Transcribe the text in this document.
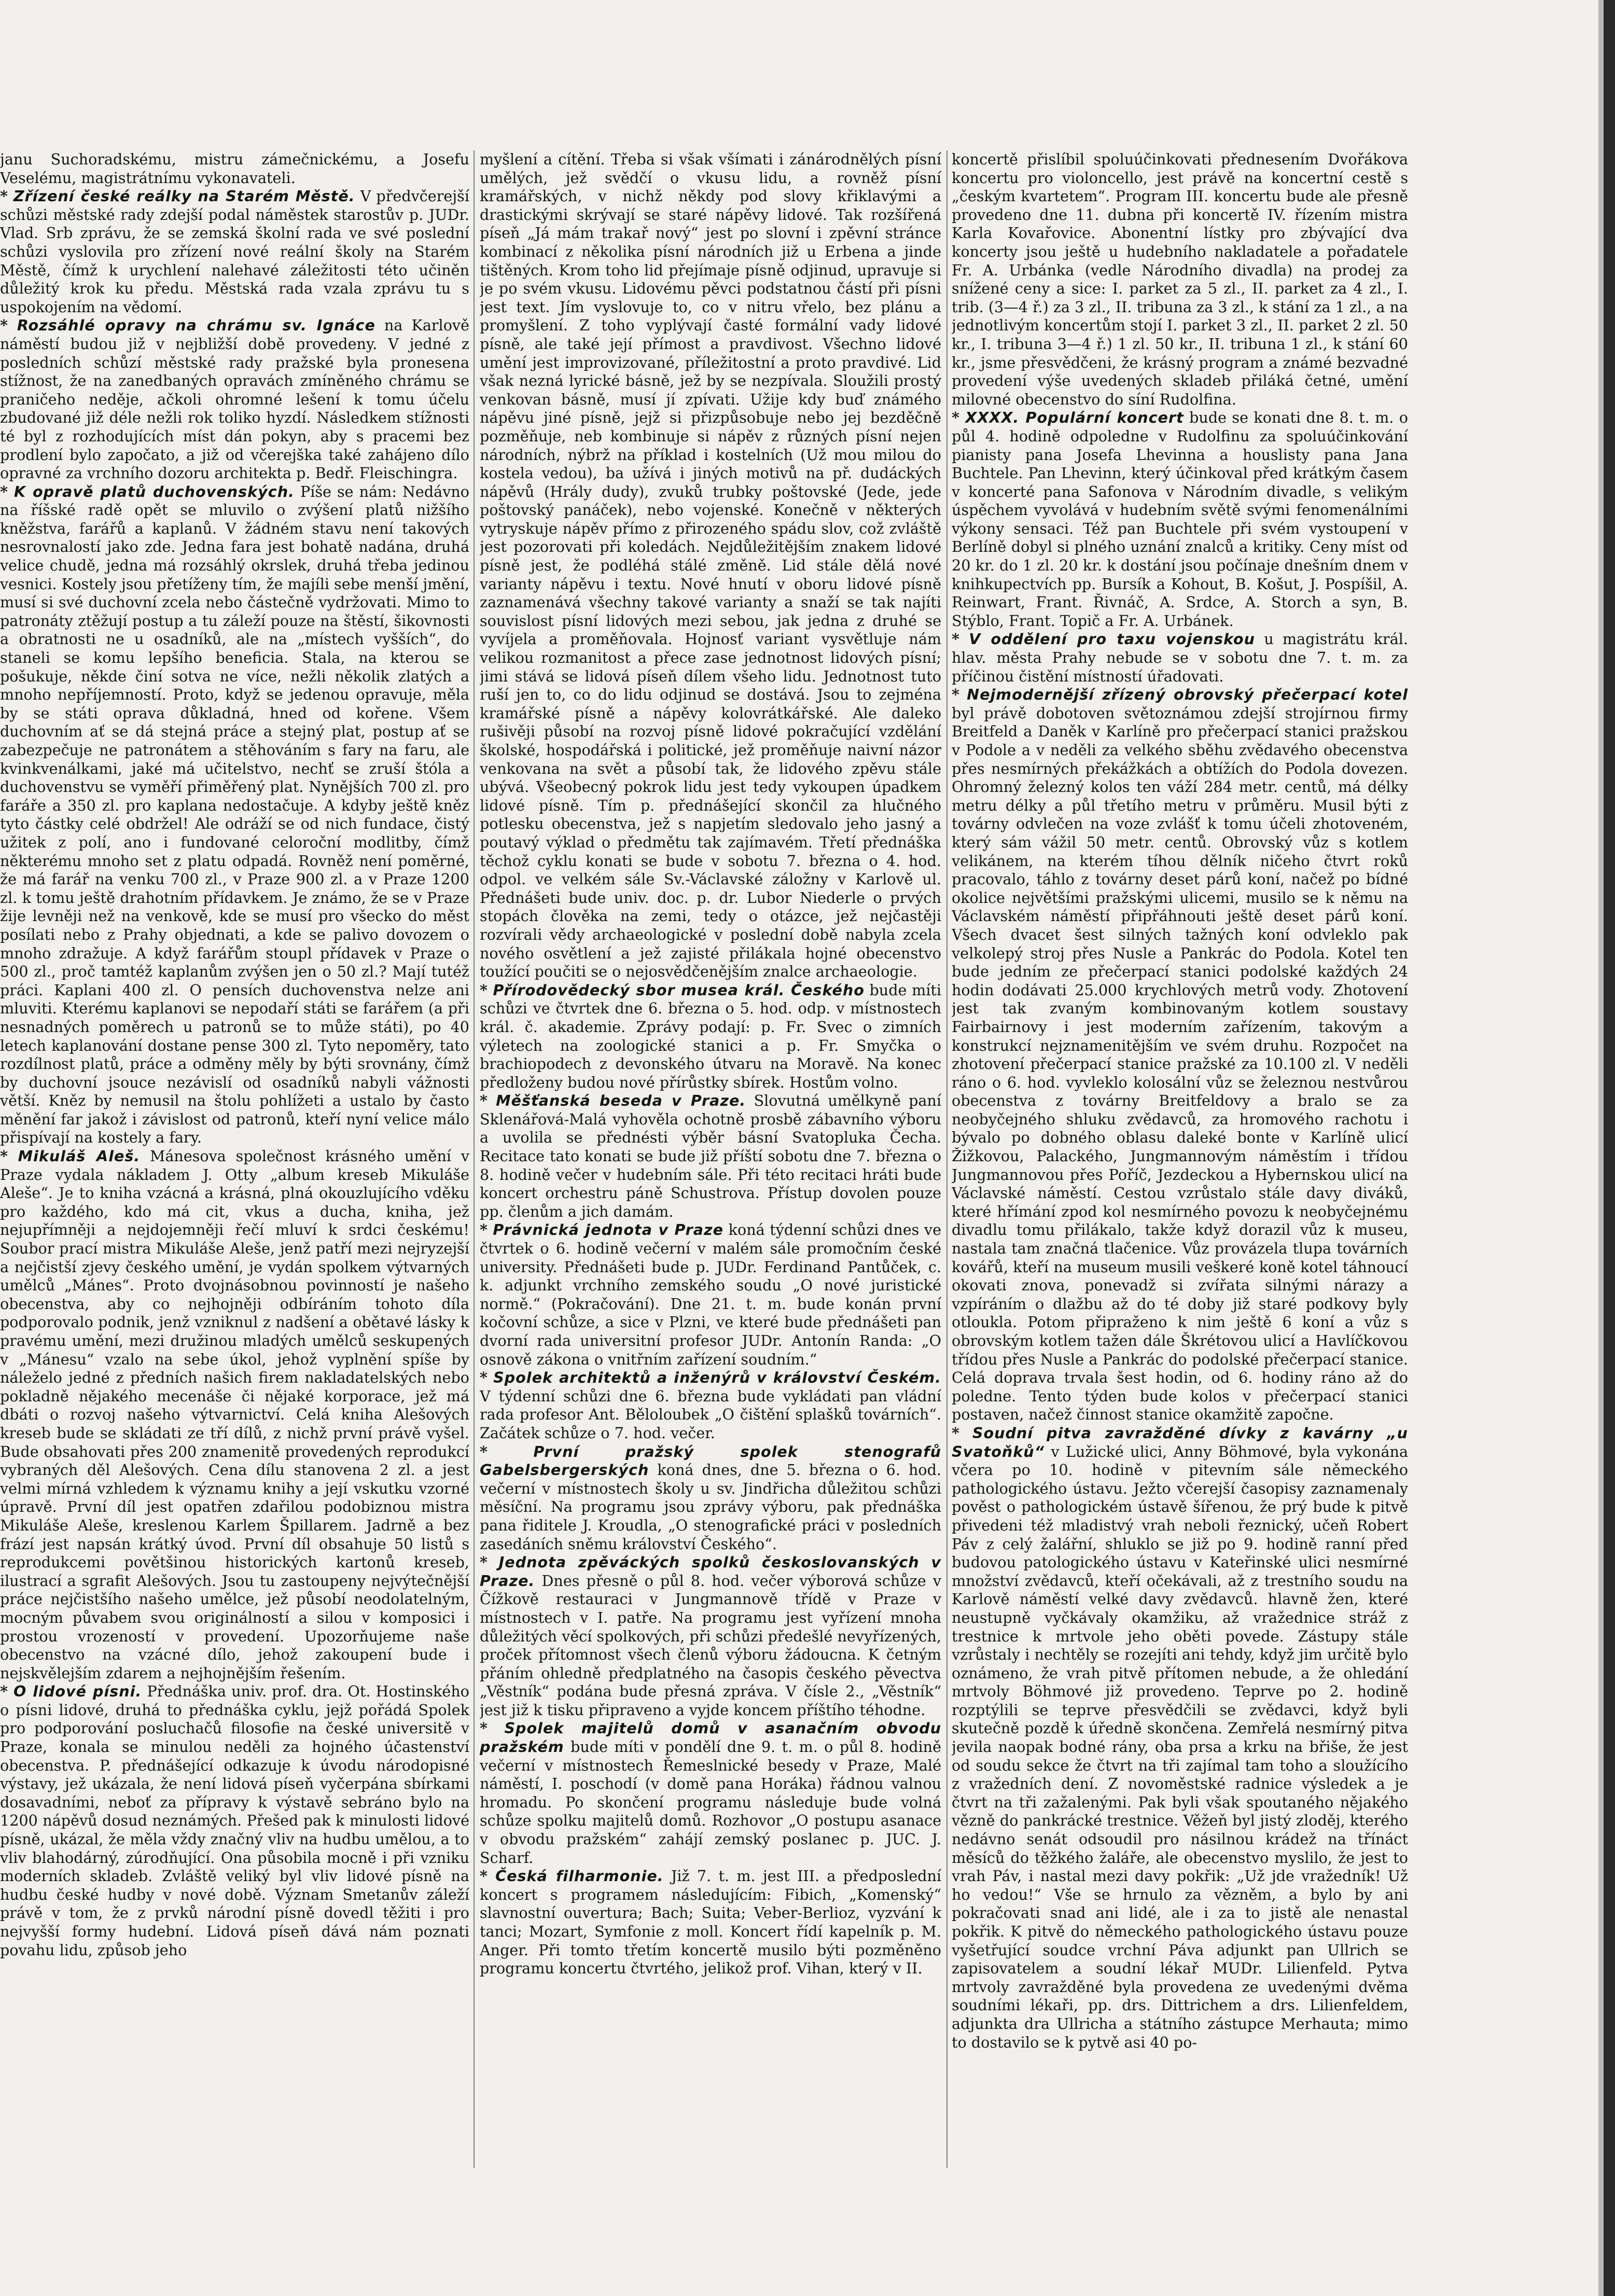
janu Suchoradskému, mistru zámečnickému, a Josefu Veselému, magistrátnímu vykonavateli.

* Zřízení české reálky na Starém Městě. V předvčerejší schůzi městské rady zdejší podal náměstek starostův p. JUDr. Vlad. Srb zprávu, že se zemská školní rada ve své poslední schůzi vyslovila pro zřízení nové reální školy na Starém Městě, čímž k urychlení nalehavé záležitosti této učiněn důležitý krok ku předu. Městská rada vzala zprávu tu s uspokojením na vědomí.

* Rozsáhlé opravy na chrámu sv. Ignáce na Karlově náměstí budou již v nejbližší době provedeny. V jedné z posledních schůzí městské rady pražské byla pronesena stížnost, že na zanedbaných opravách zmíněného chrámu se praničeho neděje, ačkoli ohromné lešení k tomu účelu zbudované již déle nežli rok toliko hyzdí. Následkem stížnosti té byl z rozhodujících míst dán pokyn, aby s pracemi bez prodlení bylo započato, a již od včerejška také zahájeno dílo opravné za vrchního dozoru architekta p. Bedř. Fleischingra.

* K opravě platů duchovenských. Píše se nám: Nedávno na říšské radě opět se mluvilo o zvýšení platů nižšího kněžstva, farářů a kaplanů. V žádném stavu není takových nesrovnalostí jako zde. Jedna fara jest bohatě nadána, druhá velice chudě, jedna má rozsáhlý okrslek, druhá třeba jedinou vesnici. Kostely jsou přetíženy tím, že majíli sebe menší jmění, musí si své duchovní zcela nebo částečně vydržovati. Mimo to patronáty ztěžují postup a tu záleží pouze na štěstí, šikovnosti a obratnosti ne u osadníků, ale na „místech vyšších“, do staneli se komu lepšího beneficia. Stala, na kterou se pošukuje, někde činí sotva ne více, nežli několik zlatých a mnoho nepříjemností. Proto, když se jedenou opravuje, měla by se státi oprava důkladná, hned od kořene. Všem duchovním ať se dá stejná práce a stejný plat, postup ať se zabezpečuje ne patronátem a stěhováním s fary na faru, ale kvinkvenálkami, jaké má učitelstvo, nechť se zruší štóla a duchovenstvu se vyměří přiměřený plat. Nynějších 700 zl. pro faráře a 350 zl. pro kaplana nedostačuje. A kdyby ještě kněz tyto částky celé obdržel! Ale odráží se od nich fundace, čistý užitek z polí, ano i fundované celoroční modlitby, čímž některému mnoho set z platu odpadá. Rovněž není poměrné, že má farář na venku 700 zl., v Praze 900 zl. a v Praze 1200 zl. k tomu ještě drahotním přídavkem. Je známo, že se v Praze žije levněji než na venkově, kde se musí pro všecko do měst posílati nebo z Prahy objednati, a kde se palivo dovozem o mnoho zdražuje. A když farářům stoupl přídavek v Praze o 500 zl., proč tamtéž kaplanům zvýšen jen o 50 zl.? Mají tutéž práci. Kaplani 400 zl. O pensích duchovenstva nelze ani mluviti. Kterému kaplanovi se nepodaří státi se farářem (a při nesnadných poměrech u patronů se to může státi), po 40 letech kaplanování dostane pense 300 zl. Tyto nepoměry, tato rozdílnost platů, práce a odměny měly by býti srovnány, čímž by duchovní jsouce nezávislí od osadníků nabyli vážnosti větší. Kněz by nemusil na štolu pohlížeti a ustalo by často měnění far jakož i závislost od patronů, kteří nyní velice málo přispívají na kostely a fary.

* Mikuláš Aleš. Mánesova společnost krásného umění v Praze vydala nákladem J. Otty „album kreseb Mikuláše Aleše“. Je to kniha vzácná a krásná, plná okouzlujícího vděku pro každého, kdo má cit, vkus a ducha, kniha, jež nejupřímněji a nejdojemněji řečí mluví k srdci českému! Soubor prací mistra Mikuláše Aleše, jenž patří mezi nejryzejší a nejčistší zjevy českého umění, je vydán spolkem výtvarných umělců „Mánes“. Proto dvojnásobnou povinností je našeho obecenstva, aby co nejhojněji odbíráním tohoto díla podporovalo podnik, jenž vzniknul z nadšení a obětavé lásky k pravému umění, mezi družinou mladých umělců seskupených v „Mánesu“ vzalo na sebe úkol, jehož vyplnění spíše by náleželo jedné z předních našich firem nakladatelských nebo pokladně nějakého mecenáše či nějaké korporace, jež má dbáti o rozvoj našeho výtvarnictví. Celá kniha Alešových kreseb bude se skládati ze tří dílů, z nichž první právě vyšel. Bude obsahovati přes 200 znamenitě provedených reprodukcí vybraných děl Alešových. Cena dílu stanovena 2 zl. a jest velmi mírná vzhledem k významu knihy a její vskutku vzorné úpravě. První díl jest opatřen zdařilou podobiznou mistra Mikuláše Aleše, kreslenou Karlem Špillarem. Jadrně a bez frází jest napsán krátký úvod. První díl obsahuje 50 listů s reprodukcemi povětšinou historických kartonů kreseb, ilustrací a sgrafit Alešových. Jsou tu zastoupeny nejvýtečnější práce nejčistšího našeho umělce, jež působí neodolatelným, mocným půvabem svou originálností a silou v komposici i prostou vrozeností v provedení. Upozorňujeme naše obecenstvo na vzácné dílo, jehož zakoupení bude i nejskvělejším zdarem a nejhojnějším řešením.

* O lidové písni. Přednáška univ. prof. dra. Ot. Hostinského o písni lidové, druhá to přednáška cyklu, jejž pořádá Spolek pro podporování posluchačů filosofie na české universitě v Praze, konala se minulou neděli za hojného účastenství obecenstva. P. přednášející odkazuje k úvodu národopisné výstavy, jež ukázala, že není lidová píseň vyčerpána sbírkami dosavadními, neboť za přípravy k výstavě sebráno bylo na 1200 nápěvů dosud neznámých. Přešed pak k minulosti lidové písně, ukázal, že měla vždy značný vliv na hudbu umělou, a to vliv blahodárný, zúrodňující. Ona působila mocně i při vzniku moderních skladeb. Zvláště veliký byl vliv lidové písně na hudbu české hudby v nové době. Význam Smetanův záleží právě v tom, že z prvků národní písně dovedl těžiti i pro nejvyšší formy hudební. Lidová píseň dává nám poznati povahu lidu, způsob jeho

myšlení a cítění. Třeba si však všímati i zánárodnělých písní umělých, jež svědčí o vkusu lidu, a rovněž písní kramářských, v nichž někdy pod slovy křiklavými a drastickými skrývají se staré nápěvy lidové. Tak rozšířená píseň „Já mám trakař nový“ jest po slovní i zpěvní stránce kombinací z několika písní národních již u Erbena a jinde tištěných. Krom toho lid přejímaje písně odjinud, upravuje si je po svém vkusu. Lidovému pěvci podstatnou částí při písni jest text. Jím vyslovuje to, co v nitru vřelo, bez plánu a promyšlení. Z toho vyplývají časté formální vady lidové písně, ale také její přímost a pravdivost. Všechno lidové umění jest improvizované, příležitostní a proto pravdivé. Lid však nezná lyrické básně, jež by se nezpívala. Sloužili prostý venkovan básně, musí jí zpívati. Užije kdy buď známého nápěvu jiné písně, jejž si přizpůsobuje nebo jej bezděčně pozměňuje, neb kombinuje si nápěv z různých písní nejen národních, nýbrž na příklad i kostelních (Už mou milou do kostela vedou), ba užívá i jiných motivů na př. dudáckých nápěvů (Hrály dudy), zvuků trubky poštovské (Jede, jede poštovský panáček), nebo vojenské. Konečně v některých vytryskuje nápěv přímo z přirozeného spádu slov, což zvláště jest pozorovati při koledách. Nejdůležitějším znakem lidové písně jest, že podléhá stálé změně. Lid stále dělá nové varianty nápěvu i textu. Nové hnutí v oboru lidové písně zaznamenává všechny takové varianty a snaží se tak najíti souvislost písní lidových mezi sebou, jak jedna z druhé se vyvíjela a proměňovala. Hojnosť variant vysvětluje nám velikou rozmanitost a přece zase jednotnost lidových písní; jimi stává se lidová píseň dílem všeho lidu. Jednotnost tuto ruší jen to, co do lidu odjinud se dostává. Jsou to zejména kramářské písně a nápěvy kolovrátkářské. Ale daleko rušivěji působí na rozvoj písně lidové pokračující vzdělání školské, hospodářská i politické, jež proměňuje naivní názor venkovana na svět a působí tak, že lidového zpěvu stále ubývá. Všeobecný pokrok lidu jest tedy vykoupen úpadkem lidové písně. Tím p. přednášející skončil za hlučného potlesku obecenstva, jež s napjetím sledovalo jeho jasný a poutavý výklad o předmětu tak zajímavém. Třetí přednáška těchož cyklu konati se bude v sobotu 7. března o 4. hod. odpol. ve velkém sále Sv.-Václavské záložny v Karlově ul. Přednášeti bude univ. doc. p. dr. Lubor Niederle o prvých stopách člověka na zemi, tedy o otázce, jež nejčastěji rozvírali vědy archaeologické v poslední době nabyla zcela nového osvětlení a jež zajisté přilákala hojné obecenstvo toužící poučiti se o nejosvědčenějším znalce archaeologie.

* Přírodovědecký sbor musea král. Českého bude míti schůzi ve čtvrtek dne 6. března o 5. hod. odp. v místnostech král. č. akademie. Zprávy podají: p. Fr. Svec o zimních výletech na zoologické stanici a p. Fr. Smyčka o brachiopodech z devonského útvaru na Moravě. Na konec předloženy budou nové přírůstky sbírek. Hostům volno.

* Měšťanská beseda v Praze. Slovutná umělkyně paní Sklenářová-Malá vyhověla ochotně prosbě zábavního výboru a uvolila se přednésti výběr básní Svatopluka Čecha. Recitace tato konati se bude již příští sobotu dne 7. března o 8. hodině večer v hudebním sále. Při této recitaci hráti bude koncert orchestru páně Schustrova. Přístup dovolen pouze pp. členům a jich damám.

* Právnická jednota v Praze koná týdenní schůzi dnes ve čtvrtek o 6. hodině večerní v malém sále promočním české university. Přednášeti bude p. JUDr. Ferdinand Pantůček, c. k. adjunkt vrchního zemského soudu „O nové juristické normě.“ (Pokračování). Dne 21. t. m. bude konán první kočovní schůze, a sice v Plzni, ve které bude přednášeti pan dvorní rada universitní profesor JUDr. Antonín Randa: „O osnově zákona o vnitřním zařízení soudním.“

* Spolek architektů a inženýrů v království Českém. V týdenní schůzi dne 6. března bude vykládati pan vládní rada profesor Ant. Běloloubek „O čištění splašků továrních“. Začátek schůze o 7. hod. večer.

* První pražský spolek stenografů Gabelsbergerských koná dnes, dne 5. března o 6. hod. večerní v místnostech školy u sv. Jindřicha důležitou schůzi měsíční. Na programu jsou zprávy výboru, pak přednáška pana řiditele J. Kroudla, „O stenografické práci v posledních zasedáních sněmu království Českého“.

* Jednota zpěváckých spolků českoslovanských v Praze. Dnes přesně o půl 8. hod. večer výborová schůze v Čížkově restauraci v Jungmannově třídě v Praze v místnostech v I. patře. Na programu jest vyřízení mnoha důležitých věcí spolkových, při schůzi předešlé nevyřízených, proček přítomnost všech členů výboru žádoucna. K četným přáním ohledně předplatného na časopis českého pěvectva „Věstník“ podána bude přesná zpráva. V čísle 2., „Věstník“ jest již k tisku připraveno a vyjde koncem příštího téhodne.

* Spolek majitelů domů v asanačním obvodu pražském bude míti v pondělí dne 9. t. m. o půl 8. hodině večerní v místnostech Řemeslnické besedy v Praze, Malé náměstí, I. poschodí (v domě pana Horáka) řádnou valnou hromadu. Po skončení programu následuje bude volná schůze spolku majitelů domů. Rozhovor „O postupu asanace v obvodu pražském“ zahájí zemský poslanec p. JUC. J. Scharf.

* Česká filharmonie. Již 7. t. m. jest III. a předposlední koncert s programem následujícím: Fibich, „Komenský“ slavnostní ouvertura; Bach; Suita; Veber-Berlioz, vyzvání k tanci; Mozart, Symfonie z moll. Koncert řídí kapelník p. M. Anger. Při tomto třetím koncertě musilo býti pozměněno programu koncertu čtvrtého, jelikož prof. Vihan, který v II.

koncertě přislíbil spoluúčinkovati přednesením Dvořákova koncertu pro violoncello, jest právě na koncertní cestě s „českým kvartetem“. Program III. koncertu bude ale přesně provedeno dne 11. dubna při koncertě IV. řízením mistra Karla Kovařovice. Abonentní lístky pro zbývající dva koncerty jsou ještě u hudebního nakladatele a pořadatele Fr. A. Urbánka (vedle Národního divadla) na prodej za snížené ceny a sice: I. parket za 5 zl., II. parket za 4 zl., I. trib. (3—4 ř.) za 3 zl., II. tribuna za 3 zl., k stání za 1 zl., a na jednotlivým koncertům stojí I. parket 3 zl., II. parket 2 zl. 50 kr., I. tribuna 3—4 ř.) 1 zl. 50 kr., II. tribuna 1 zl., k stání 60 kr., jsme přesvědčeni, že krásný program a známé bezvadné provedení výše uvedených skladeb přiláká četné, umění milovné obecenstvo do síní Rudolfina.

* XXXX. Populární koncert bude se konati dne 8. t. m. o půl 4. hodině odpoledne v Rudolfinu za spoluúčinkování pianisty pana Josefa Lhevinna a houslisty pana Jana Buchtele. Pan Lhevinn, který účinkoval před krátkým časem v koncerté pana Safonova v Národním divadle, s velikým úspěchem vyvolává v hudebním světě svými fenomenálními výkony sensaci. Též pan Buchtele při svém vystoupení v Berlíně dobyl si plného uznání znalců a kritiky. Ceny míst od 20 kr. do 1 zl. 20 kr. k dostání jsou počínaje dnešním dnem v knihkupectvích pp. Bursík a Kohout, B. Košut, J. Pospíšil, A. Reinwart, Frant. Řivnáč, A. Srdce, A. Storch a syn, B. Stýblo, Frant. Topič a Fr. A. Urbánek.

* V oddělení pro taxu vojenskou u magistrátu král. hlav. města Prahy nebude se v sobotu dne 7. t. m. za příčinou čistění místností úřadovati.

* Nejmodernější zřízený obrovský přečerpací kotel byl právě dobotoven světoznámou zdejší strojírnou firmy Breitfeld a Daněk v Karlíně pro přečerpací stanici pražskou v Podole a v neděli za velkého sběhu zvědavého obecenstva přes nesmírných překážkách a obtížích do Podola dovezen. Ohromný železný kolos ten váží 284 metr. centů, má délky metru délky a půl třetího metru v průměru. Musil býti z továrny odvlečen na voze zvlášť k tomu účeli zhotoveném, který sám vážil 50 metr. centů. Obrovský vůz s kotlem velikánem, na kterém tíhou dělník ničeho čtvrt roků pracovalo, táhlo z továrny deset párů koní, načež po bídné okolice největšími pražskými ulicemi, musilo se k němu na Václavském náměstí připřáhnouti ještě deset párů koní. Všech dvacet šest silných tažných koní odvleklo pak velkolepý stroj přes Nusle a Pankrác do Podola. Kotel ten bude jedním ze přečerpací stanici podolské každých 24 hodin dodávati 25.000 krychlových metrů vody. Zhotovení jest tak zvaným kombinovaným kotlem soustavy Fairbairnovy i jest moderním zařízením, takovým a konstrukcí nejznamenitějším ve svém druhu. Rozpočet na zhotovení přečerpací stanice pražské za 10.100 zl. V neděli ráno o 6. hod. vyvleklo kolosální vůz se železnou nestvůrou obecenstva z továrny Breitfeldovy a bralo se za neobyčejného shluku zvědavců, za hromového rachotu i bývalo po dobného oblasu daleké bonte v Karlíně ulicí Žižkovou, Palackého, Jungmannovým náměstím i třídou Jungmannovou přes Poříč, Jezdeckou a Hybernskou ulicí na Václavské náměstí. Cestou vzrůstalo stále davy diváků, které hřímání zpod kol nesmírného povozu k neobyčejnému divadlu tomu přilákalo, takže když dorazil vůz k museu, nastala tam značná tlačenice. Vůz provázela tlupa továrních kovářů, kteří na museum musili veškeré koně kotel táhnoucí okovati znova, ponevadž si zvířata silnými nárazy a vzpíráním o dlažbu až do té doby již staré podkovy byly otloukla. Potom připraženo k nim ještě 6 koní a vůz s obrovským kotlem tažen dále Škrétovou ulicí a Havlíčkovou třídou přes Nusle a Pankrác do podolské přečerpací stanice. Celá doprava trvala šest hodin, od 6. hodiny ráno až do poledne. Tento týden bude kolos v přečerpací stanici postaven, načež činnost stanice okamžitě započne.

* Soudní pitva zavražděné dívky z kavárny „u Svatoňků“ v Lužické ulici, Anny Böhmové, byla vykonána včera po 10. hodině v pitevním sále německého pathologického ústavu. Ježto včerejší časopisy zaznamenaly pověst o pathologickém ústavě šířenou, že prý bude k pitvě přivedeni též mladistvý vrah neboli řeznický, učeň Robert Páv z celý žalářní, shluklo se již po 9. hodině ranní před budovou patologického ústavu v Kateřinské ulici nesmírné množství zvědavců, kteří očekávali, až z trestního soudu na Karlově náměstí velké davy zvědavců. hlavně žen, které neustupně vyčkávaly okamžiku, až vražednice stráž z trestnice k mrtvole jeho oběti povede. Zástupy stále vzrůstaly i nechtěly se rozejíti ani tehdy, když jim určitě bylo oznámeno, že vrah pitvě přítomen nebude, a že ohledání mrtvoly Böhmové již provedeno. Teprve po 2. hodině rozptýlili se teprve přesvědčili se zvědavci, když byli skutečně pozdě k úředně skončena. Zemřelá nesmírný pitva jevila naopak bodné rány, oba prsa a krku na břiše, že jest od soudu sekce že čtvrt na tři zajímal tam toho a sloužícího z vražedních dení. Z novoměstské radnice výsledek a je čtvrt na tři zažalenými. Pak byli však spoutaného nějakého vězně do pankrácké trestnice. Věžeň byl jistý zloděj, kterého nedávno senát odsoudil pro násilnou krádež na třínáct měsíců do těžkého žaláře, ale obecenstvo myslilo, že jest to vrah Páv, i nastal mezi davy pokřik: „Už jde vražedník! Už ho vedou!“ Vše se hrnulo za vězněm, a bylo by ani pokračovati snad ani lidé, ale i za to jistě ale nenastal pokřik. K pitvě do německého pathologického ústavu pouze vyšetřující soudce vrchní Páva adjunkt pan Ullrich se zapisovatelem a soudní lékař MUDr. Lilienfeld. Pytva mrtvoly zavražděné byla provedena ze uvedenými dvěma soudními lékaři, pp. drs. Dittrichem a drs. Lilienfeldem, adjunkta dra Ullricha a státního zástupce Merhauta; mimo to dostavilo se k pytvě asi 40 po-
